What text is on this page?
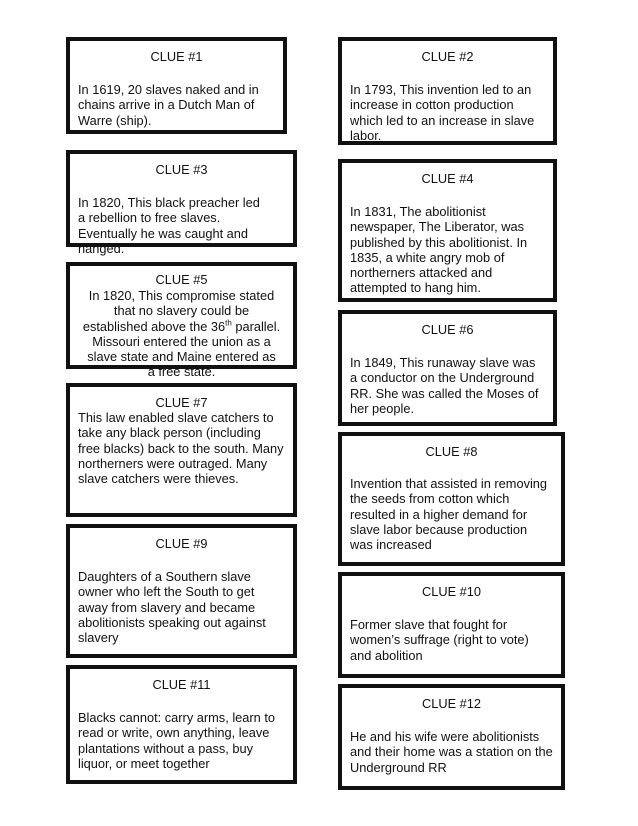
CLUE #1
In 1619, 20 slaves naked and in chains arrive in a Dutch Man of Warre (ship).
CLUE #2
In 1793, This invention led to an increase in cotton production which led to an increase in slave labor.
CLUE #3
In 1820, This black preacher led a rebellion to free slaves. Eventually he was caught and hanged.
CLUE #4
In 1831, The abolitionist newspaper, The Liberator, was published by this abolitionist. In 1835, a white angry mob of northerners attacked and attempted to hang him.
CLUE #5
In 1820, This compromise stated that no slavery could be established above the 36th parallel. Missouri entered the union as a slave state and Maine entered as a free state.
CLUE #6
In 1849, This runaway slave was a conductor on the Underground RR. She was called the Moses of her people.
CLUE #7
This law enabled slave catchers to take any black person (including free blacks) back to the south. Many northerners were outraged. Many slave catchers were thieves.
CLUE #8
Invention that assisted in removing the seeds from cotton which resulted in a higher demand for slave labor because production was increased
CLUE #9
Daughters of a Southern slave owner who left the South to get away from slavery and became abolitionists speaking out against slavery
CLUE #10
Former slave that fought for women’s suffrage (right to vote) and abolition
CLUE #11
Blacks cannot: carry arms, learn to read or write, own anything, leave plantations without a pass, buy liquor, or meet together
CLUE #12
He and his wife were abolitionists and their home was a station on the Underground RR
